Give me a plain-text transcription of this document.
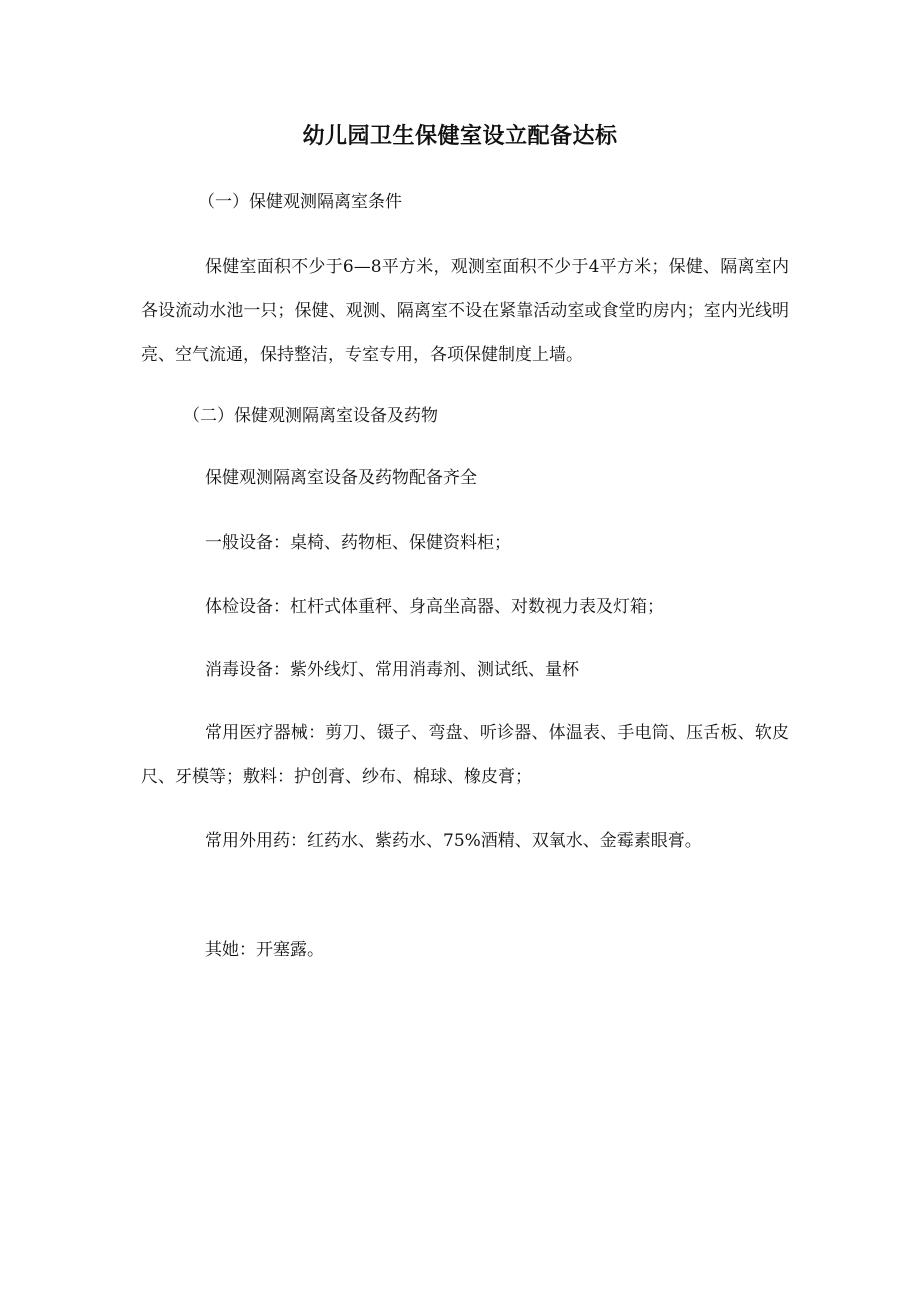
幼儿园卫生保健室设立配备达标
（一）保健观测隔离室条件

保健室面积不少于6—8平方米，观测室面积不少于4平方米；保健、隔离室内各设流动水池一只；保健、观测、隔离室不设在紧靠活动室或食堂旳房内；室内光线明亮、空气流通，保持整洁，专室专用，各项保健制度上墙。

（二）保健观测隔离室设备及药物
保健观测隔离室设备及药物配备齐全
一般设备：桌椅、药物柜、保健资料柜；
体检设备：杠杆式体重秤、身高坐高器、对数视力表及灯箱；
消毒设备：紫外线灯、常用消毒剂、测试纸、量杯

常用医疗器械：剪刀、镊子、弯盘、听诊器、体温表、手电筒、压舌板、软皮尺、牙模等；敷料：护创膏、纱布、棉球、橡皮膏；

常用外用药：红药水、紫药水、75%酒精、双氧水、金霉素眼膏。
其她：开塞露。
